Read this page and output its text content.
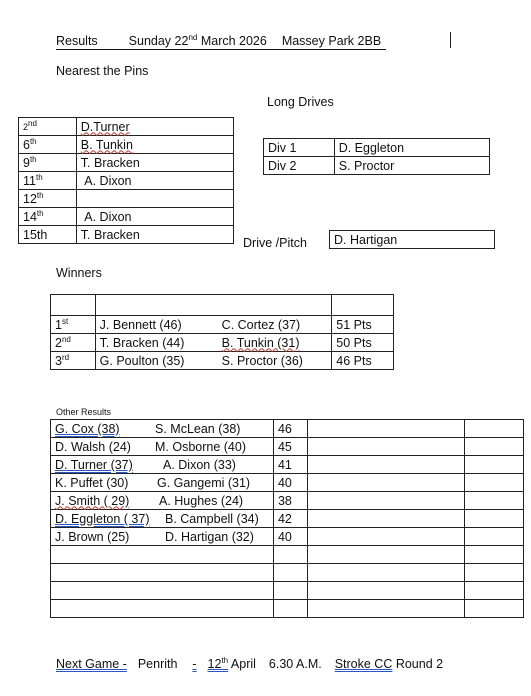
Results Sunday 22nd March 2026 Massey Park 2BB
Nearest the Pins
2nd	D.Turner
6th	B. Tunkin
9th	T. Bracken
11th	A. Dixon
12th	
14th	A. Dixon
15th	T. Bracken
Long Drives
Div 1	D. Eggleton
Div 2	S. Proctor
Drive /Pitch D. Hartigan
Winners

1st	J. Bennett (46) C. Cortez (37)	51 Pts
2nd	T. Bracken (44) B. Tunkin (31)	50 Pts
3rd	G. Poulton (35) S. Proctor (36)	46 Pts
Other Results
G. Cox (38) S. McLean (38)	46		
D. Walsh (24) M. Osborne (40)	45		
D. Turner (37) A. Dixon (33)	41		
K. Puffet (30) G. Gangemi (31)	40		
J. Smith ( 29) A. Hughes (24)	38		
D. Eggleton ( 37) B. Campbell (34)	42		
J. Brown (25) D. Hartigan (32)	40		

Next Game - Penrith - 12th April 6.30 A.M. Stroke CC Round 2
